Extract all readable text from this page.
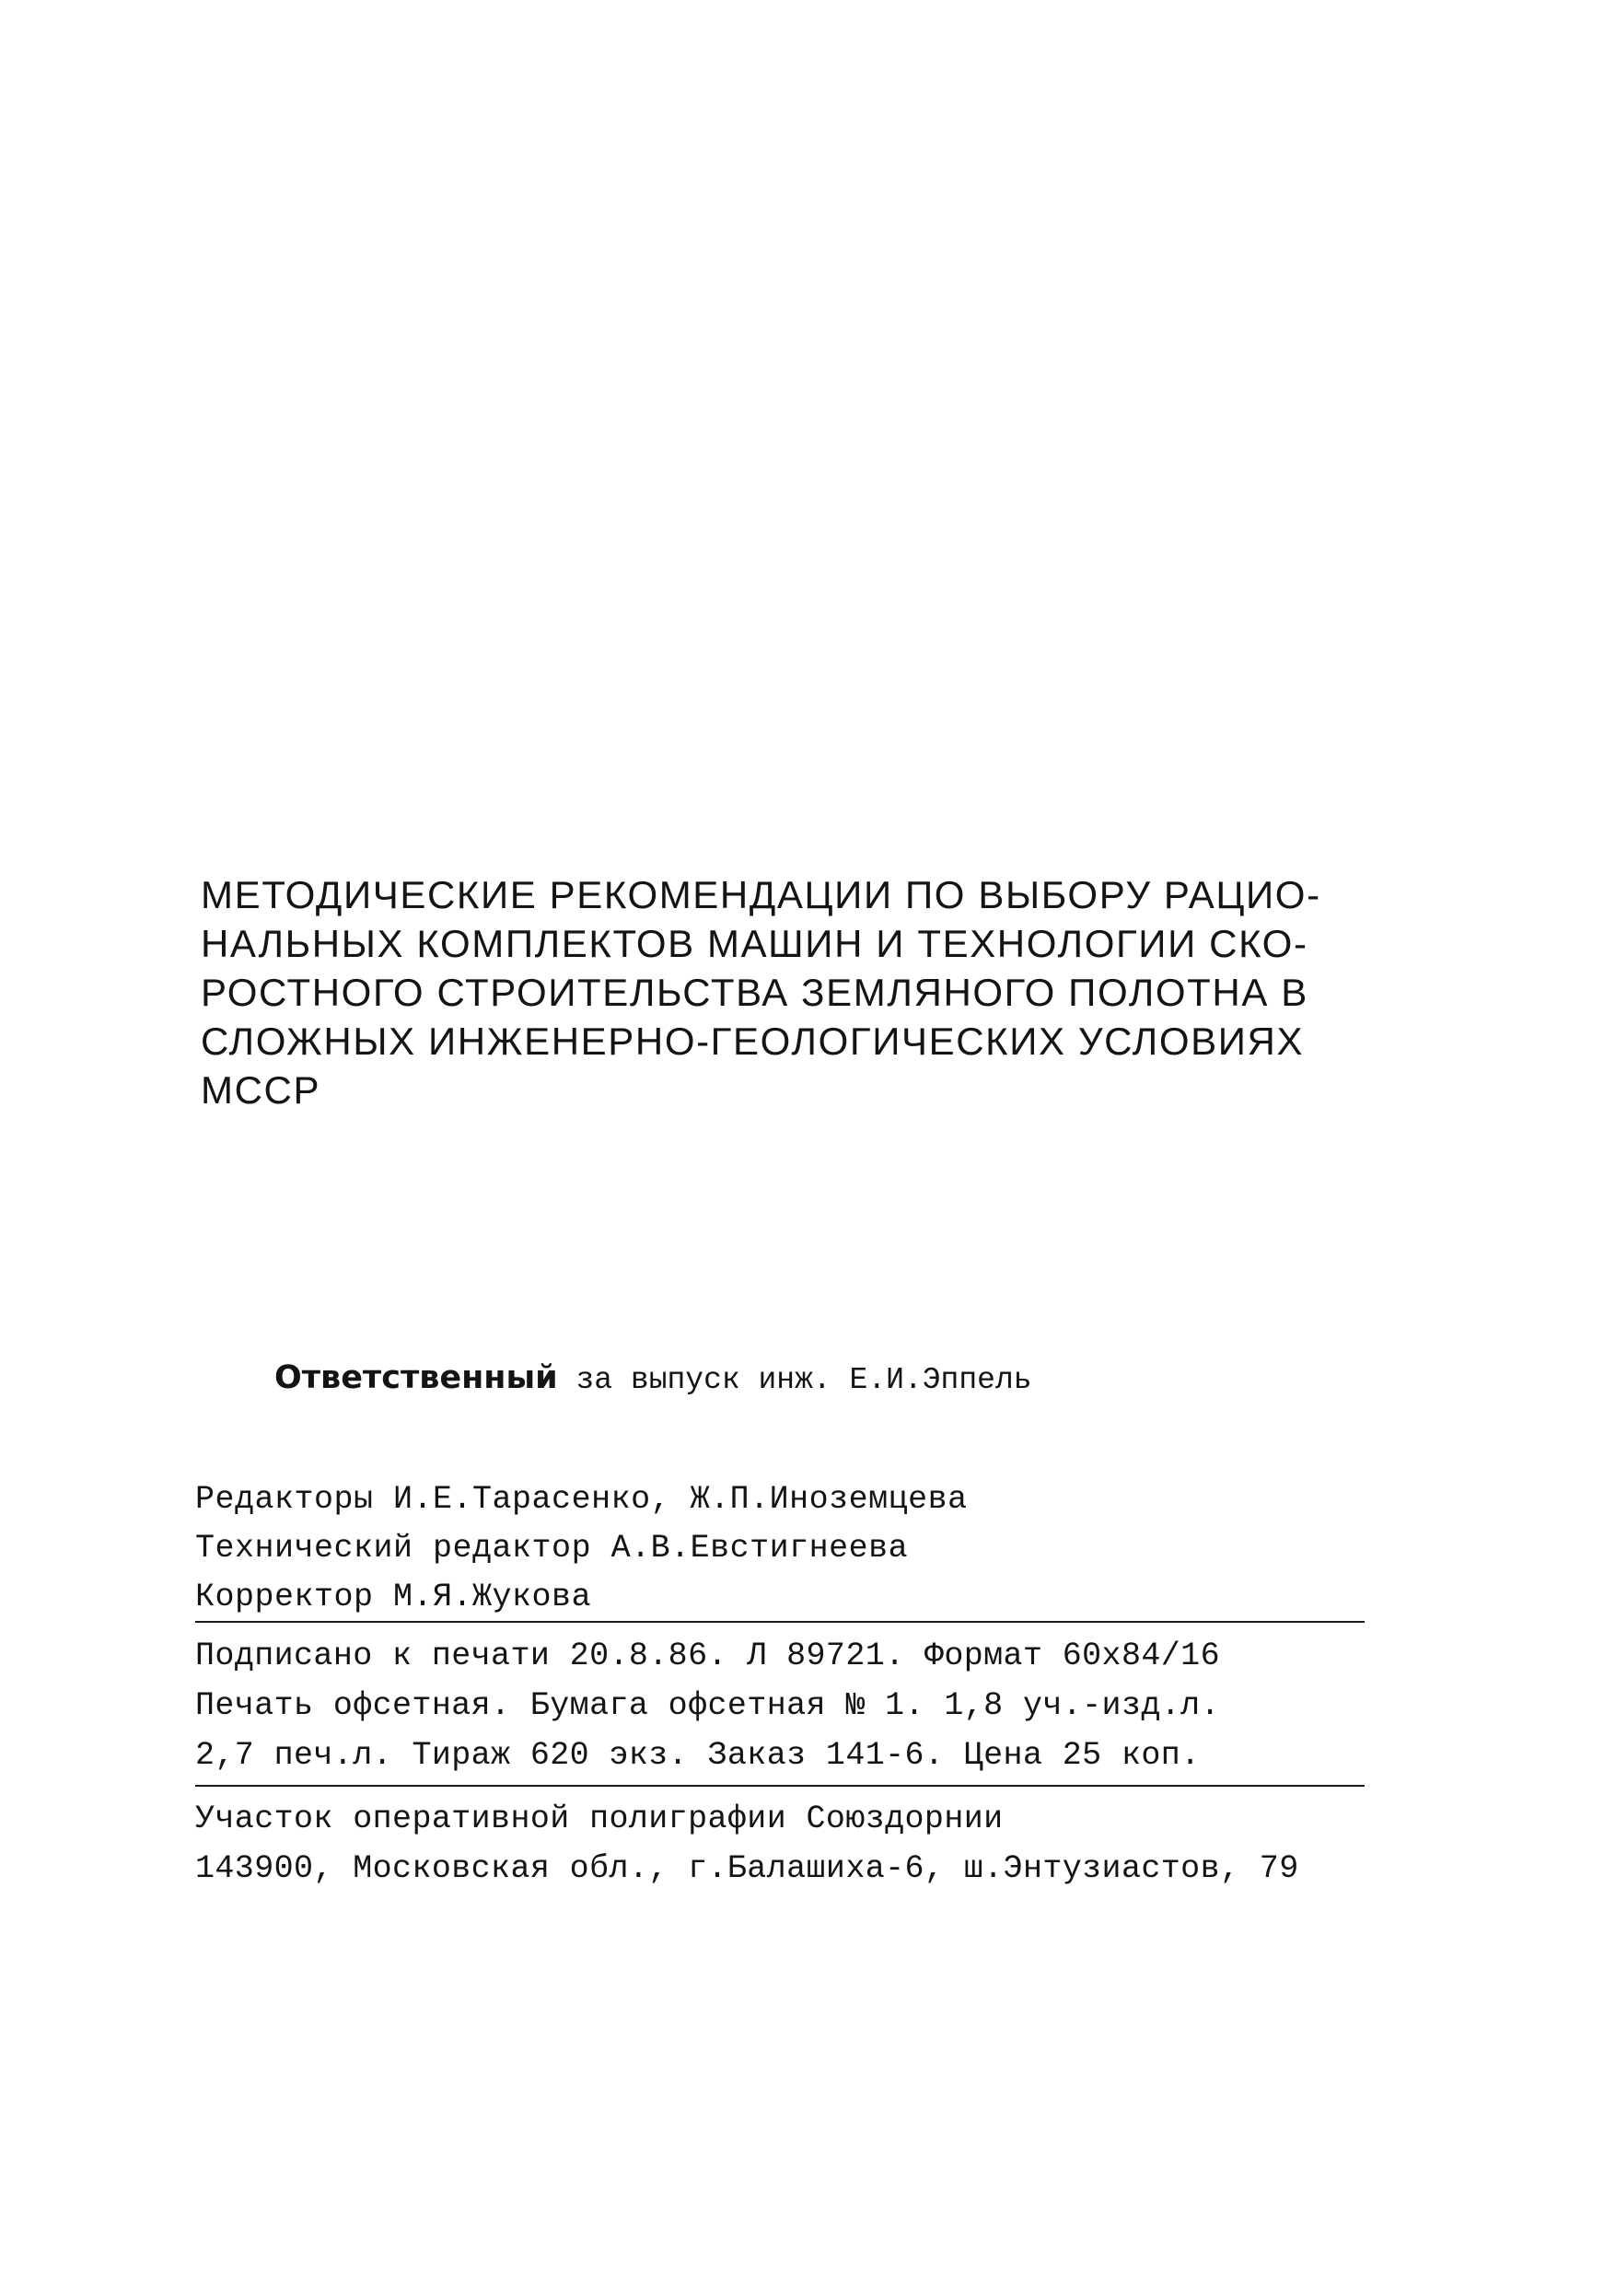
МЕТОДИЧЕСКИЕ РЕКОМЕНДАЦИИ ПО ВЫБОРУ РАЦИО-
НАЛЬНЫХ КОМПЛЕКТОВ МАШИН И ТЕХНОЛОГИИ СКО-
РОСТНОГО СТРОИТЕЛЬСТВА ЗЕМЛЯНОГО ПОЛОТНА В
СЛОЖНЫХ ИНЖЕНЕРНО-ГЕОЛОГИЧЕСКИХ УСЛОВИЯХ
МССР
Ответственный за выпуск инж. Е.И.Эппель
Редакторы И.Е.Тарасенко, Ж.П.Иноземцева
Технический редактор А.В.Евстигнеева
Корректор М.Я.Жукова
Подписано к печати 20.8.86. Л 89721. Формат 60x84/16
Печать офсетная. Бумага офсетная № 1. 1,8 уч.-изд.л.
2,7 печ.л. Тираж 620 экз. Заказ 141-6. Цена 25 коп.
Участок оперативной полиграфии Союздорнии
143900, Московская обл., г.Балашиха-6, ш.Энтузиастов, 79
